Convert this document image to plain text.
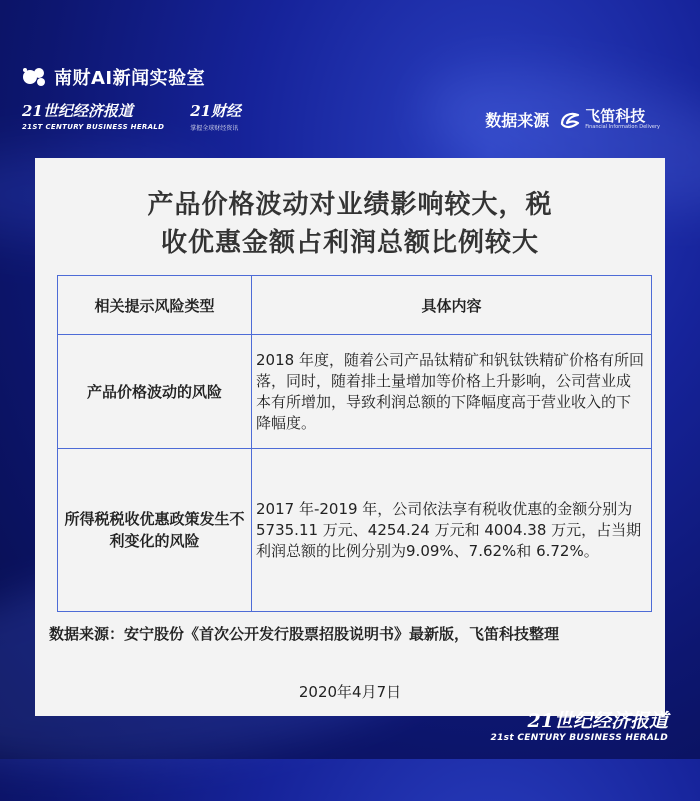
南财AI新闻实验室
21世纪经济报道
21ST CENTURY BUSINESS HERALD
21财经
掌握全球财经资讯	数据来源 飞笛科技
Financial Information Delivery
产品价格波动对业绩影响较大，税
收优惠金额占利润总额比例较大
相关提示风险类型	具体内容
产品价格波动的风险	2018 年度，随着公司产品钛精矿和钒钛铁精矿价格有所回落，同时，随着排土量增加等价格上升影响，公司营业成本有所增加，导致利润总额的下降幅度高于营业收入的下降幅度。
所得税税收优惠政策发生不利变化的风险	2017 年-2019 年，公司依法享有税收优惠的金额分别为5735.11 万元、4254.24 万元和 4004.38 万元，占当期利润总额的比例分别为9.09%、7.62%和 6.72%。
数据来源：安宁股份《首次公开发行股票招股说明书》最新版，飞笛科技整理
2020年4月7日
21世纪经济报道
21st CENTURY BUSINESS HERALD
